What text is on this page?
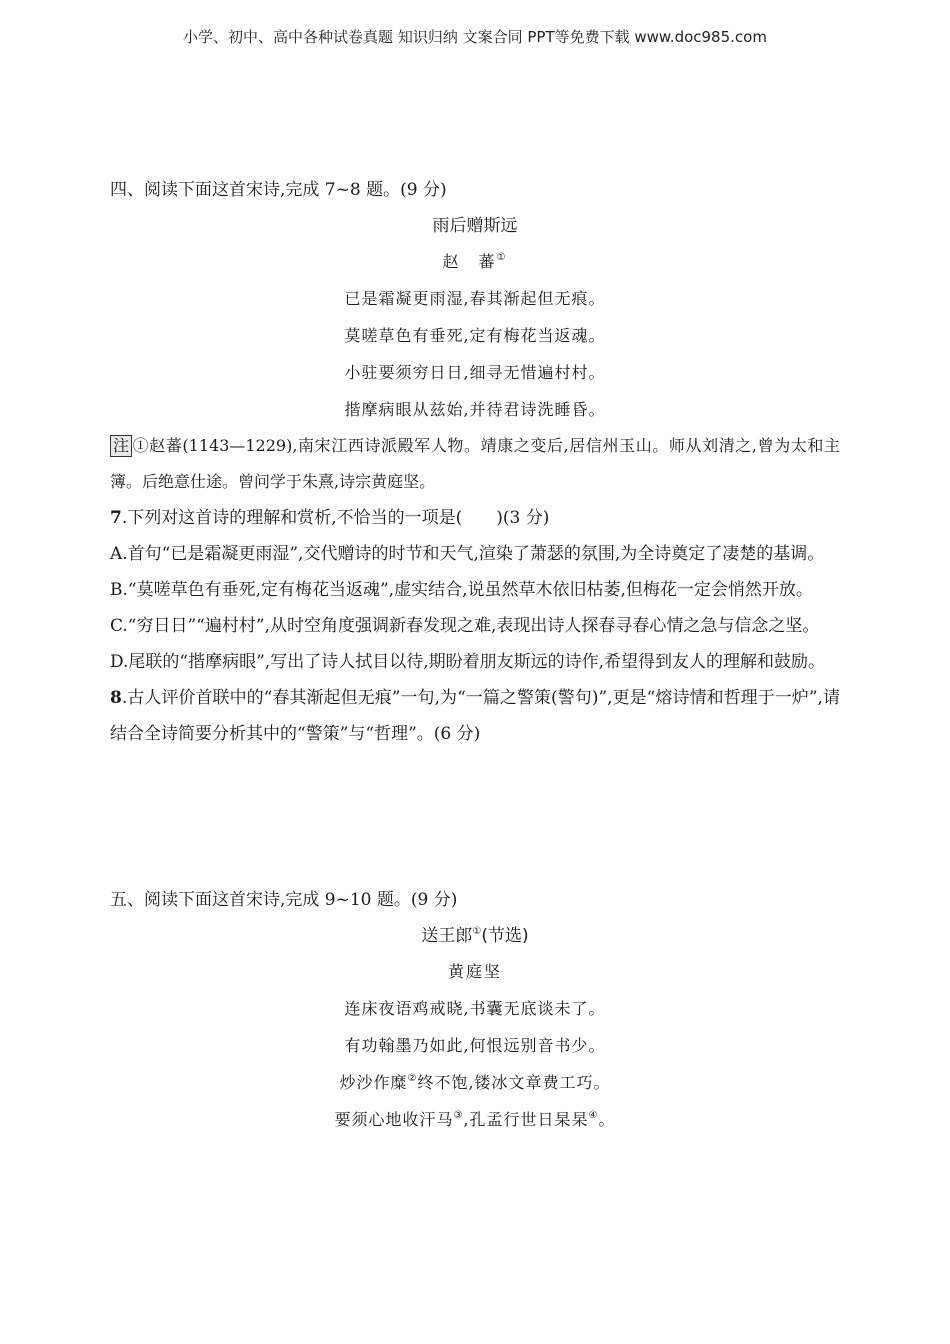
小学、初中、高中各种试卷真题 知识归纳 文案合同 PPT等免费下载 www.doc985.com

四、阅读下面这首宋诗,完成 7~8 题。(9 分)

雨后赠斯远

赵　蕃①

已是霜凝更雨湿,春其渐起但无痕。

莫嗟草色有垂死,定有梅花当返魂。

小驻要须穷日日,细寻无惜遍村村。

揩摩病眼从兹始,并待君诗洗睡昏。

注 ①赵蕃(1143—1229),南宋江西诗派殿军人物。靖康之变后,居信州玉山。师从刘清之,曾为太和主簿。后绝意仕途。曾问学于朱熹,诗宗黄庭坚。

7.下列对这首诗的理解和赏析,不恰当的一项是(　　)(3 分)

A.首句“已是霜凝更雨湿”,交代赠诗的时节和天气,渲染了萧瑟的氛围,为全诗奠定了凄楚的基调。

B.“莫嗟草色有垂死,定有梅花当返魂”,虚实结合,说虽然草木依旧枯萎,但梅花一定会悄然开放。

C.“穷日日”“遍村村”,从时空角度强调新春发现之难,表现出诗人探春寻春心情之急与信念之坚。

D.尾联的“揩摩病眼”,写出了诗人拭目以待,期盼着朋友斯远的诗作,希望得到友人的理解和鼓励。

8.古人评价首联中的“春其渐起但无痕”一句,为“一篇之警策(警句)”,更是“熔诗情和哲理于一炉”,请结合全诗简要分析其中的“警策”与“哲理”。(6 分)

五、阅读下面这首宋诗,完成 9~10 题。(9 分)

送王郎①(节选)

黄庭坚

连床夜语鸡戒晓,书囊无底谈未了。

有功翰墨乃如此,何恨远别音书少。

炒沙作糜②终不饱,镂冰文章费工巧。

要须心地收汗马③,孔孟行世日杲杲④。
